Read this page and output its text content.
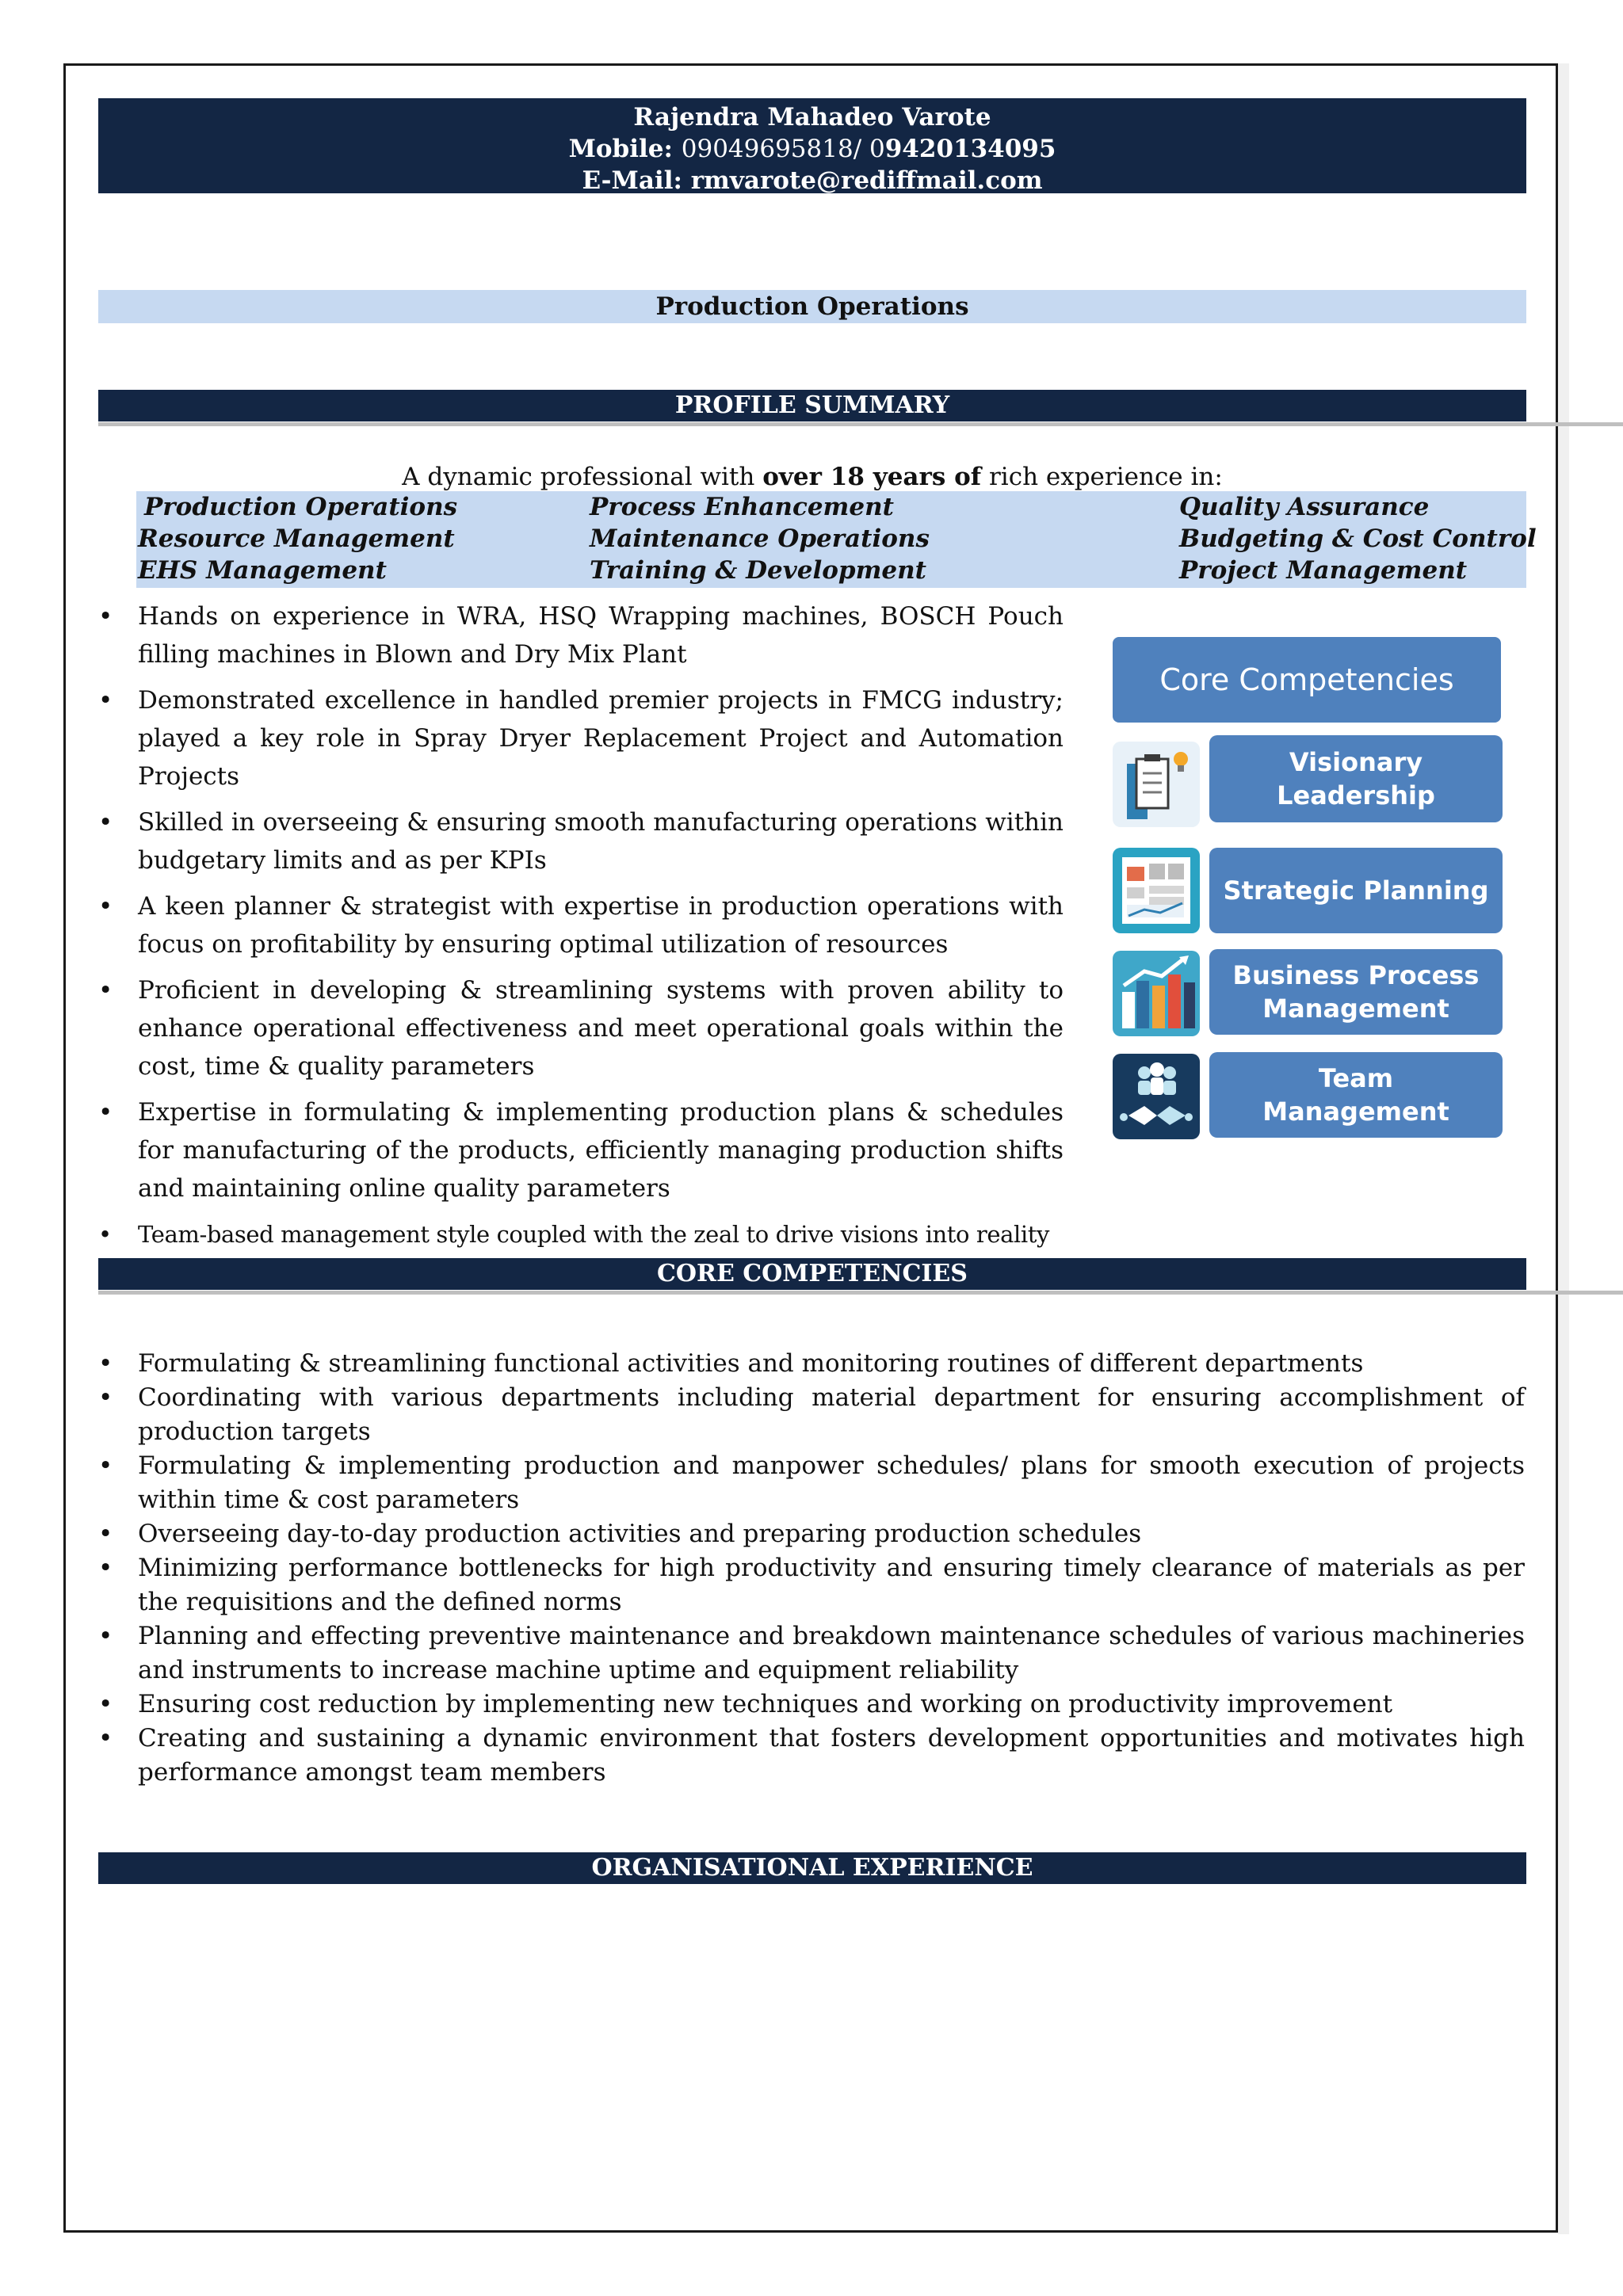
Rajendra Mahadeo Varote
Mobile: 09049695818/ 09420134095
E-Mail: rmvarote@rediffmail.com
Production Operations
PROFILE SUMMARY
A dynamic professional with over 18 years of rich experience in:
Production Operations	Process Enhancement	Quality Assurance
Resource Management	Maintenance Operations	Budgeting & Cost Control
EHS Management	Training & Development	Project Management
• Hands on experience in WRA, HSQ Wrapping machines, BOSCH Pouch filling machines in Blown and Dry Mix Plant
• Demonstrated excellence in handled premier projects in FMCG industry; played a key role in Spray Dryer Replacement Project and Automation Projects
• Skilled in overseeing & ensuring smooth manufacturing operations within budgetary limits and as per KPIs
• A keen planner & strategist with expertise in production operations with focus on profitability by ensuring optimal utilization of resources
• Proficient in developing & streamlining systems with proven ability to enhance operational effectiveness and meet operational goals within the cost, time & quality parameters
• Expertise in formulating & implementing production plans & schedules for manufacturing of the products, efficiently managing production shifts and maintaining online quality parameters
• Team-based management style coupled with the zeal to drive visions into reality
Core Competencies
Visionary
Leadership
Strategic Planning
Business Process
Management
Team
Management
CORE COMPETENCIES
• Formulating & streamlining functional activities and monitoring routines of different departments
• Coordinating with various departments including material department for ensuring accomplishment of production targets
• Formulating & implementing production and manpower schedules/ plans for smooth execution of projects within time & cost parameters
• Overseeing day-to-day production activities and preparing production schedules
• Minimizing performance bottlenecks for high productivity and ensuring timely clearance of materials as per the requisitions and the defined norms
• Planning and effecting preventive maintenance and breakdown maintenance schedules of various machineries and instruments to increase machine uptime and equipment reliability
• Ensuring cost reduction by implementing new techniques and working on productivity improvement
• Creating and sustaining a dynamic environment that fosters development opportunities and motivates high performance amongst team members
ORGANISATIONAL EXPERIENCE
